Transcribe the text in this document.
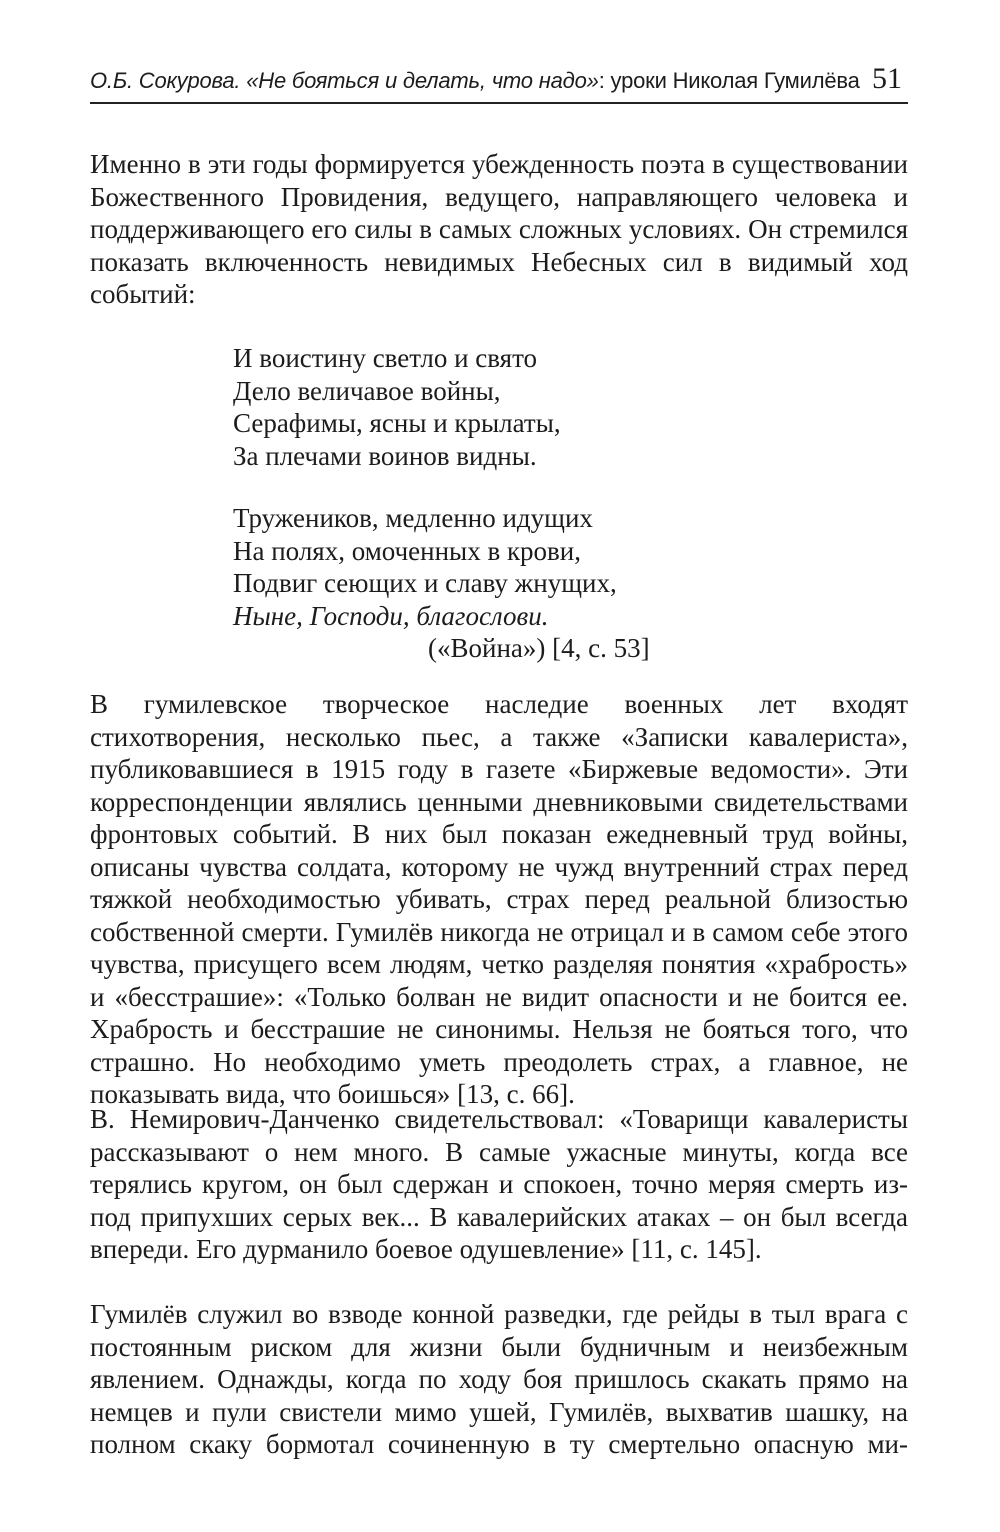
О.Б. Сокурова. «Не бояться и делать, что надо»: уроки Николая Гумилёва 51

Именно в эти годы формируется убежденность поэта в существовании Божественного Провидения, ведущего, направляющего человека и поддерживающего его силы в самых сложных условиях. Он стремился показать включенность невидимых Небесных сил в видимый ход событий:

И воистину светло и свято
Дело величавое войны,
Серафимы, ясны и крылаты,
За плечами воинов видны.
Тружеников, медленно идущих
На полях, омоченных в крови,
Подвиг сеющих и славу жнущих,
Ныне, Господи, благослови.
(«Война») [4, с. 53]

В гумилевское творческое наследие военных лет входят стихотворения, несколько пьес, а также «Записки кавалериста», публиковавшиеся в 1915 году в газете «Биржевые ведомости». Эти корреспонденции являлись ценными дневниковыми свидетельствами фронтовых событий. В них был показан ежедневный труд войны, описаны чувства солдата, которому не чужд внутренний страх перед тяжкой необходимостью убивать, страх перед реальной близостью собственной смерти. Гумилёв никогда не отрицал и в самом себе этого чувства, присущего всем людям, четко разделяя понятия «храбрость» и «бесстрашие»: «Только болван не видит опасности и не боится ее. Храбрость и бесстрашие не синонимы. Нельзя не бояться того, что страшно. Но необходимо уметь преодолеть страх, а главное, не показывать вида, что боишься» [13, с. 66].

В. Немирович-Данченко свидетельствовал: «Товарищи кавалеристы рассказывают о нем много. В самые ужасные минуты, когда все терялись кругом, он был сдержан и спокоен, точно меряя смерть из-под припухших серых век... В кавалерийских атаках – он был всегда впереди. Его дурманило боевое одушевление» [11, с. 145].

Гумилёв служил во взводе конной разведки, где рейды в тыл врага с постоянным риском для жизни были будничным и неизбежным явлением. Однажды, когда по ходу боя пришлось скакать прямо на немцев и пули свистели мимо ушей, Гумилёв, выхватив шашку, на полном скаку бормотал сочиненную в ту смертельно опасную ми-
